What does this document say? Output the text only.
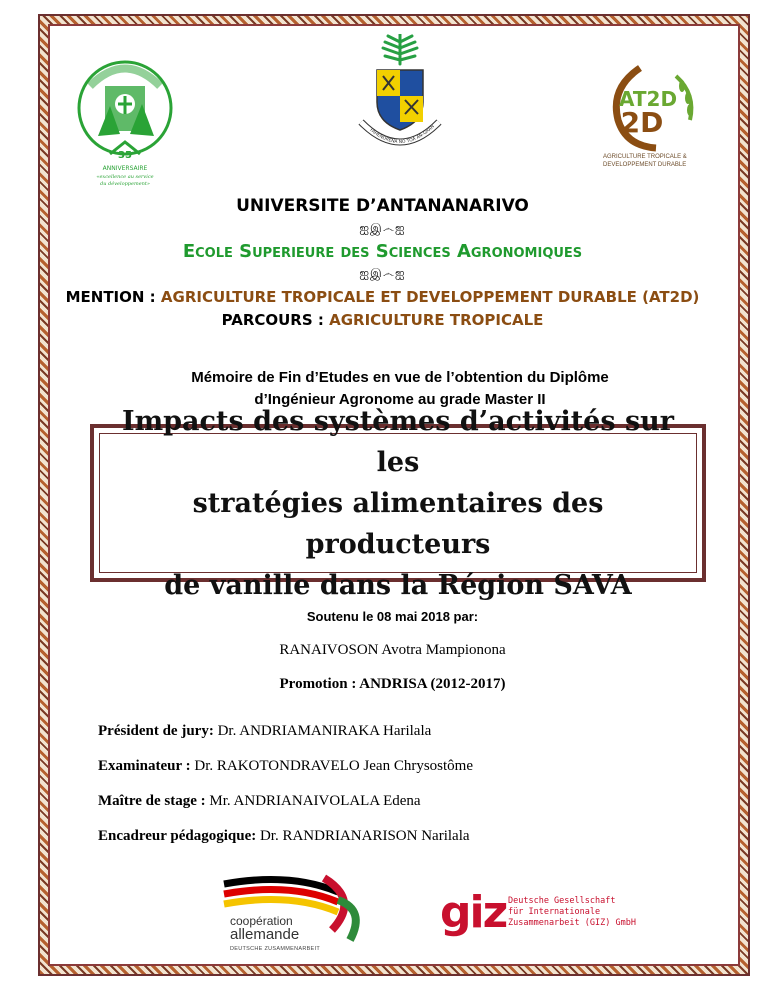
35
ANNIVERSAIRE
«excellence au service
du développement»
FAHENDRENA NO TOA AN-GRAN
AT2D
2D
AGRICULTURE TROPICALE &
DEVELOPPEMENT DURABLE
UNIVERSITE D’ANTANANARIVO
ஐஇ෴ஐ
Ecole Superieure des Sciences Agronomiques
ஐஇ෴ஐ
MENTION : AGRICULTURE TROPICALE ET DEVELOPPEMENT DURABLE (AT2D)
PARCOURS : AGRICULTURE TROPICALE
Mémoire de Fin d’Etudes en vue de l’obtention du Diplôme
d’Ingénieur Agronome au grade Master II
Impacts des systèmes d’activités sur les
stratégies alimentaires des producteurs
de vanille dans la Région SAVA
Soutenu le 08 mai 2018 par:
RANAIVOSON Avotra Mampionona
Promotion : ANDRISA (2012-2017)
Président de jury: Dr. ANDRIAMANIRAKA Harilala
Examinateur : Dr. RAKOTONDRAVELO Jean Chrysostôme
Maître de stage : Mr. ANDRIANAIVOLALA Edena
Encadreur pédagogique: Dr. RANDRIANARISON Narilala
coopération
allemande
DEUTSCHE ZUSAMMENARBEIT
giz Deutsche Gesellschaft
für Internationale
Zusammenarbeit (GIZ) GmbH
